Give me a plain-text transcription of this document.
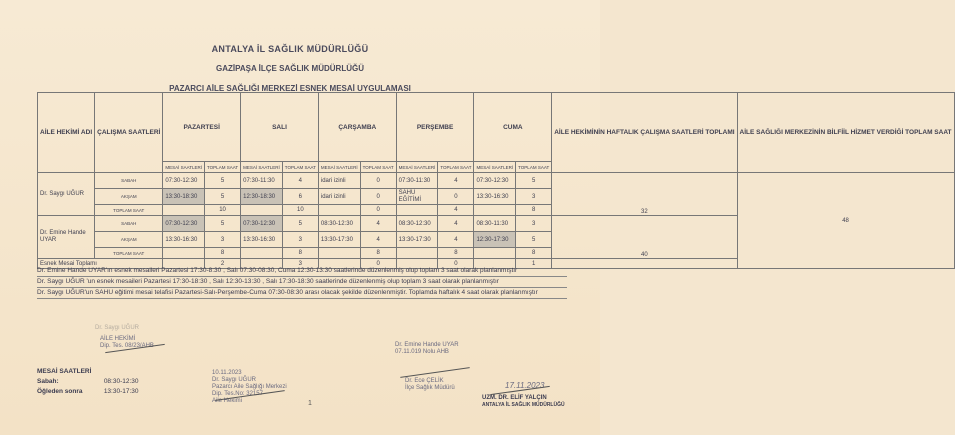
ANTALYA İL SAĞLIK MÜDÜRLÜĞÜ
GAZİPAŞA İLÇE SAĞLIK MÜDÜRLÜĞÜ
PAZARCI AİLE SAĞLIĞI MERKEZİ ESNEK MESAİ UYGULAMASI
AİLE HEKİMİ ADI	ÇALIŞMA SAATLERİ	PAZARTESİ		SALI		ÇARŞAMBA		PERŞEMBE		CUMA		AİLE HEKİMİNİN HAFTALIK ÇALIŞMA SAATLERİ TOPLAMI	AİLE SAĞLIĞI MERKEZİNİN BİLFİİL HİZMET VERDİĞİ TOPLAM SAAT
		MESAİ SAATLERİ	TOPLAM SAAT	MESAİ SAATLERİ	TOPLAM SAAT	MESAİ SAATLERİ	TOPLAM SAAT	MESAİ SAATLERİ	TOPLAM SAAT	MESAİ SAATLERİ	TOPLAM SAAT		
Dr. Saygı UĞUR	SABAH	07:30-12:30	5	07:30-11:30	4	idari izinli	0	07:30-11:30	4	07:30-12:30	5	32	48
	AKŞAM	13:30-18:30	5	12:30-18:30	6	idari izinli	0	SAHU EĞİTİMİ	0	13:30-16:30	3		
	TOPLAM SAAT		10		10		0		4		8		
Dr. Emine Hande UYAR	SABAH	07:30-12:30	5	07:30-12:30	5	08:30-12:30	4	08:30-12:30	4	08:30-11:30	3	40	
	AKŞAM	13:30-16:30	3	13:30-16:30	3	13:30-17:30	4	13:30-17:30	4	12:30-17:30	5		
	TOPLAM SAAT		8		8		8		8		8		
Esnek Mesai Toplamı			2		3		0		0		1		
Dr. Emine Hande UYAR'ın esnek mesaileri Pazartesi 17:30-8:30 , Salı 07:30-08:30, Cuma 12:30-13:30 saatlerinde düzenlenmiş olup toplam 3 saat olarak planlanmıştır
Dr. Saygı UĞUR 'un esnek mesaileri Pazartesi 17:30-18:30 , Salı 12:30-13:30 , Salı 17:30-18:30 saatlerinde düzenlenmiş olup toplam 3 saat olarak planlanmıştır
Dr. Saygı UĞUR'un SAHU eğitimi mesai telafisi Pazartesi-Salı-Perşembe-Cuma 07:30-08:30 arası olacak şekilde düzenlenmiştir. Toplamda haftalık 4 saat olarak planlanmıştır
Dr. Saygı UĞUR
AİLE HEKİMİ
Dip. Tes. 08/23/AHB
MESAİ SAATLERİ
Sabah:	08:30-12:30
Öğleden sonra	13:30-17:30
10.11.2023
Dr. Saygı UĞUR
Pazarcı Aile Sağlığı Merkezi
Dip. Tes.No: 32157
Aile Hekimi	1
Dr. Emine Hande UYAR
07.11.019 Nolu AHB
Dr. Ece ÇELİK
İlçe Sağlık Müdürü	17.11.2023
UZM. DR. ELİF YALÇIN
ANTALYA İL SAĞLIK MÜDÜRLÜĞÜ
